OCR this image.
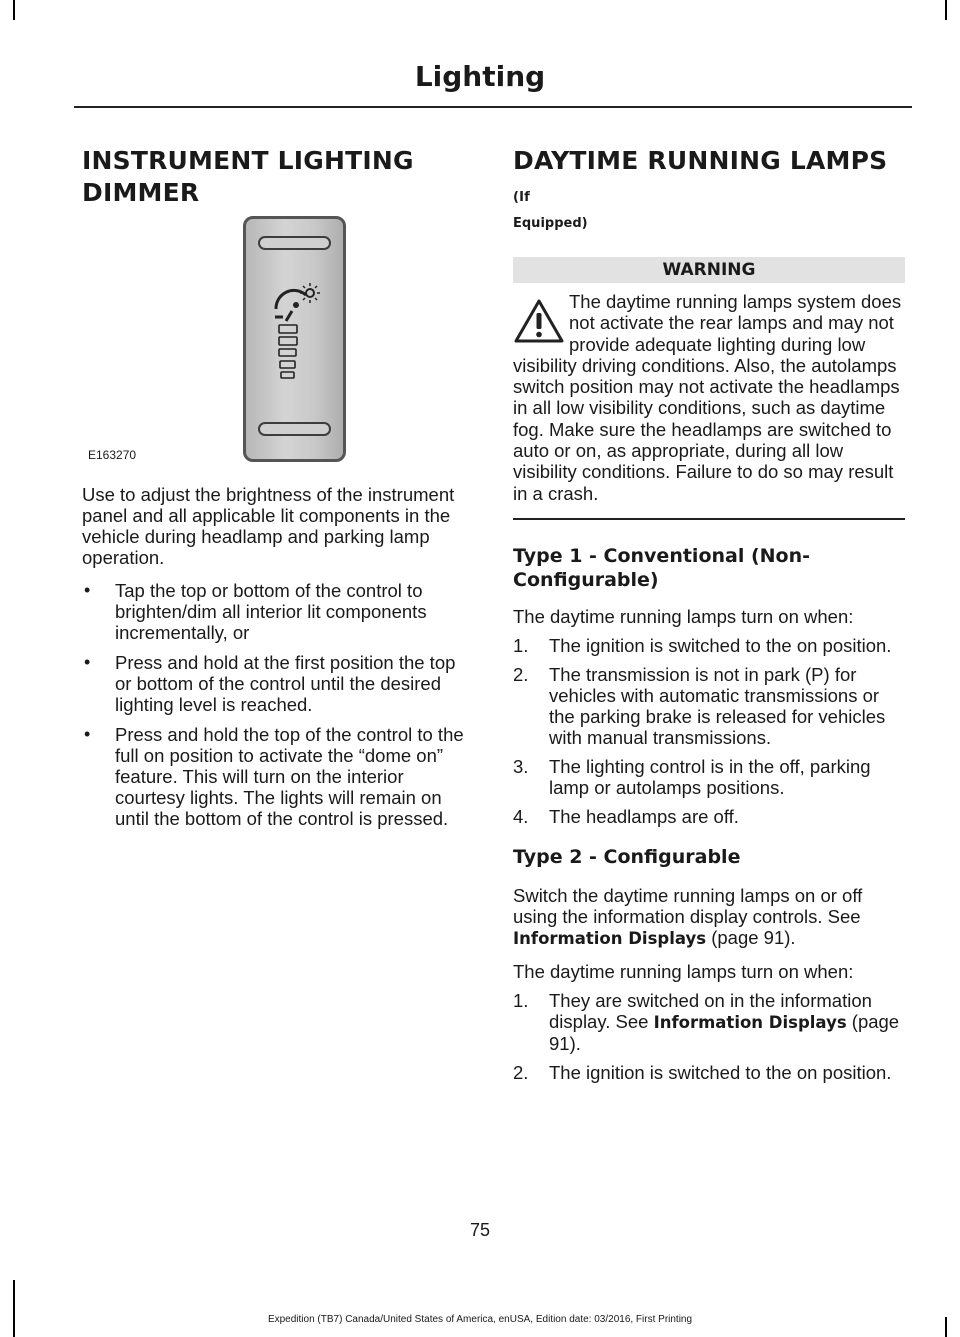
Lighting
INSTRUMENT LIGHTING
DIMMER
E163270

Use to adjust the brightness of the instrument panel and all applicable lit components in the vehicle during headlamp and parking lamp operation.

• Tap the top or bottom of the control to brighten/dim all interior lit components incrementally, or
• Press and hold at the first position the top or bottom of the control until the desired lighting level is reached.
• Press and hold the top of the control to the full on position to activate the “dome on” feature. This will turn on the interior courtesy lights. The lights will remain on until the bottom of the control is pressed.
DAYTIME RUNNING LAMPS (If
Equipped)
WARNING

The daytime running lamps system does not activate the rear lamps and may not provide adequate lighting during low visibility driving conditions. Also, the autolamps switch position may not activate the headlamps in all low visibility conditions, such as daytime fog. Make sure the headlamps are switched to auto or on, as appropriate, during all low visibility conditions. Failure to do so may result in a crash.

Type 1 - Conventional (Non-Configurable)

The daytime running lamps turn on when:

1. The ignition is switched to the on position.
2. The transmission is not in park (P) for vehicles with automatic transmissions or the parking brake is released for vehicles with manual transmissions.
3. The lighting control is in the off, parking lamp or autolamps positions.
4. The headlamps are off.
Type 2 - Configurable

Switch the daytime running lamps on or off using the information display controls. See Information Displays (page 91).

The daytime running lamps turn on when:

1. They are switched on in the information display. See Information Displays (page 91).
2. The ignition is switched to the on position.
75
Expedition (TB7) Canada/United States of America, enUSA, Edition date: 03/2016, First Printing
